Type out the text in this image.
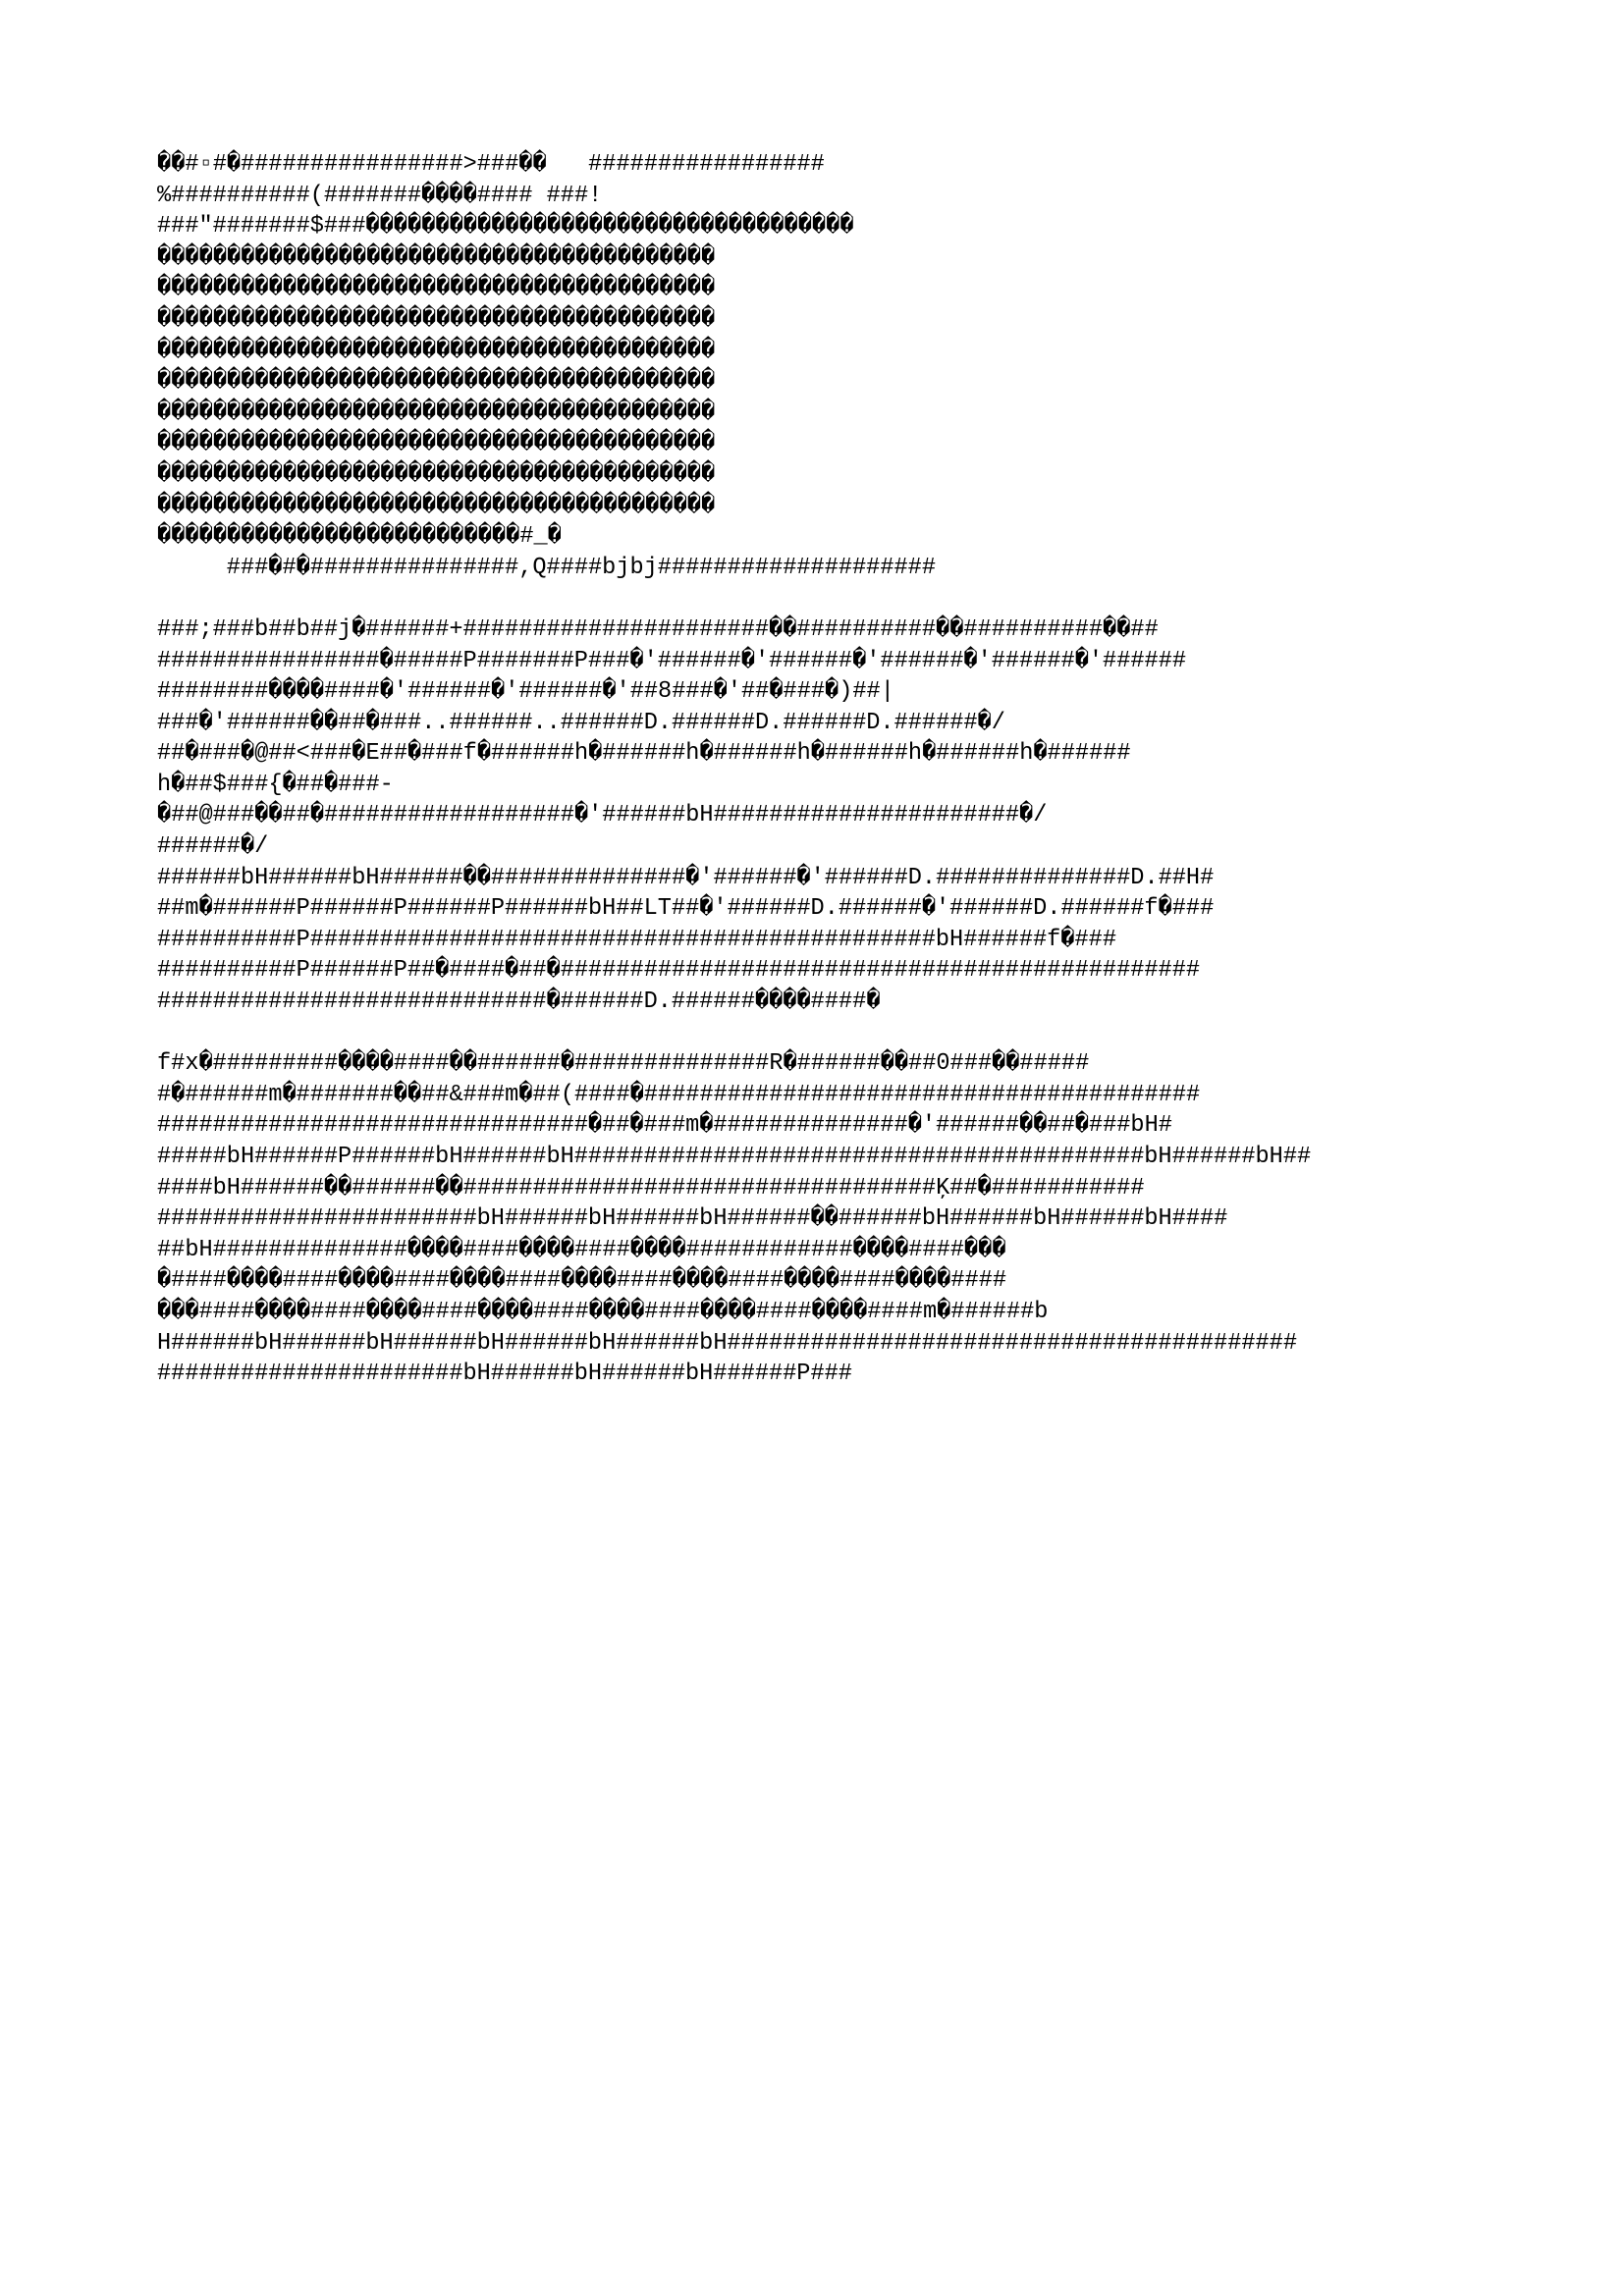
��#▫#�################>###��   #################
%##########(#######����#### ###!
###"#######$###�����������������������������������
����������������������������������������
����������������������������������������
����������������������������������������
����������������������������������������
����������������������������������������
����������������������������������������
����������������������������������������
����������������������������������������
����������������������������������������
��������������������������#_�
###�#�###############,Q####bjbj####################
###;###b##b##j�######+######################��##########��##########��##
################�#####P#######P###�'######�'######�'######�'######�'######
########����####�'######�'######�'##8###�'##�###�)##|
###�'######��##�###..######..######D.######D.######D.######�/
##�###�@##<###�E##�###f�######h�######h�######h�######h�######h�######
h�##$###{�##�###-
�##@###��##�##################�'######bH######################�/
######�/
######bH######bH######��##############�'######�'######D.##############D.##H#
##m�######P######P######P######bH##LT##�'######D.######�'######D.######f�###
##########P#############################################bH######f�###
##########P######P##�####�##�##############################################
############################�######D.######����####�
f#x�#########����####��######�##############R�######��##0###��#####
#�######m�#######��##&###m�##(####�########################################
###############################�##�###m�##############�'######��##�###bH#
#####bH######P######bH######bH#########################################bH######bH##
####bH######��######��##################################Ķ##�###########
#######################bH######bH######bH######��######bH######bH######bH####
##bH##############����####����####����############����####���
�####����####����####����####����####����####����####����####
���####����####����####����####����####����####����####m�######b
H######bH######bH######bH######bH######bH#########################################
######################bH######bH######bH######P###
